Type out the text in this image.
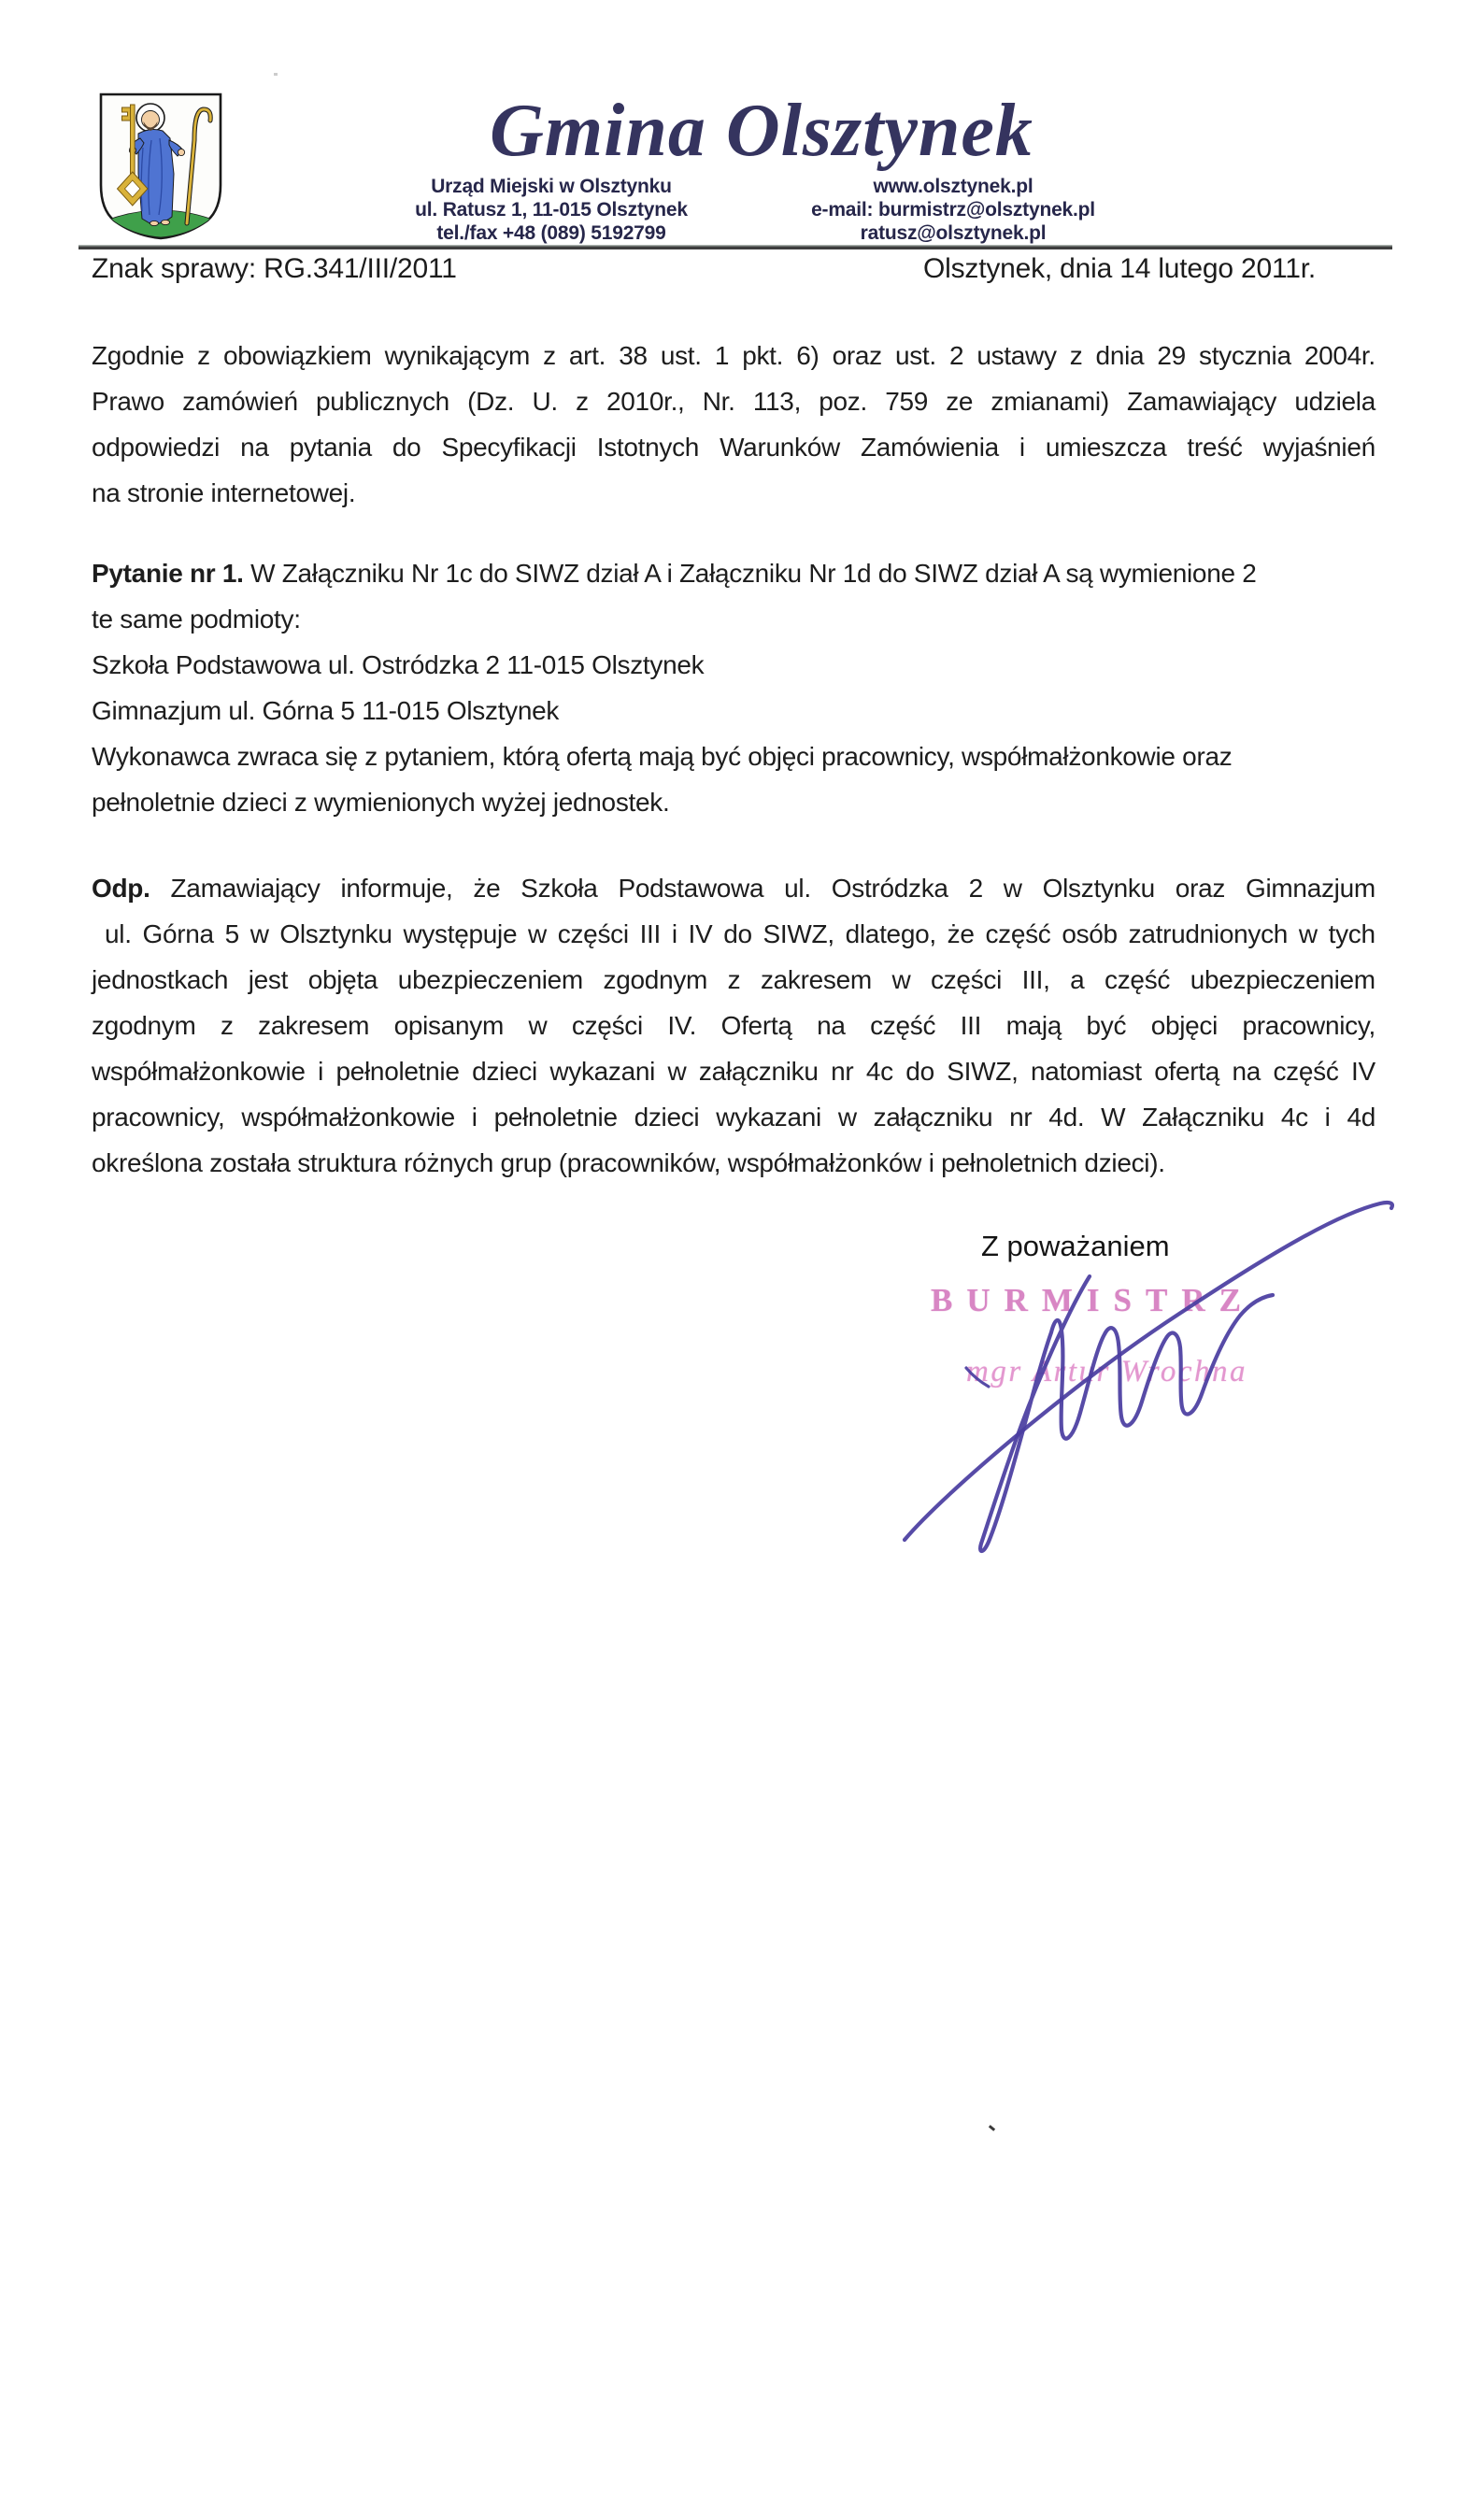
Gmina Olsztynek
Urząd Miejski w Olsztynku
ul. Ratusz 1, 11-015 Olsztynek
tel./fax +48 (089) 5192799
www.olsztynek.pl
e-mail: burmistrz@olsztynek.pl
ratusz@olsztynek.pl
Znak sprawy: RG.341/III/2011	Olsztynek, dnia 14 lutego 2011r.
Zgodnie z obowiązkiem wynikającym z art. 38 ust. 1 pkt. 6) oraz ust. 2 ustawy z dnia 29 stycznia 2004r.
Prawo zamówień publicznych (Dz. U. z 2010r., Nr. 113, poz. 759 ze zmianami) Zamawiający udziela
odpowiedzi na pytania do Specyfikacji Istotnych Warunków Zamówienia i umieszcza treść wyjaśnień
na stronie internetowej.
Pytanie nr 1. W Załączniku Nr 1c do SIWZ dział A i Załączniku Nr 1d do SIWZ dział A są wymienione 2
te same podmioty:
Szkoła Podstawowa ul. Ostródzka 2 11-015 Olsztynek
Gimnazjum ul. Górna 5 11-015 Olsztynek
Wykonawca zwraca się z pytaniem, którą ofertą mają być objęci pracownicy, współmałżonkowie oraz
pełnoletnie dzieci z wymienionych wyżej jednostek.
Odp. Zamawiający informuje, że Szkoła Podstawowa ul. Ostródzka 2 w Olsztynku oraz Gimnazjum
ul. Górna 5 w Olsztynku występuje w części III i IV do SIWZ, dlatego, że część osób zatrudnionych w tych
jednostkach jest objęta ubezpieczeniem zgodnym z zakresem w części III, a część ubezpieczeniem
zgodnym z zakresem opisanym w części IV. Ofertą na część III mają być objęci pracownicy,
współmałżonkowie i pełnoletnie dzieci wykazani w załączniku nr 4c do SIWZ, natomiast ofertą na część IV
pracownicy, współmałżonkowie i pełnoletnie dzieci wykazani w załączniku nr 4d. W Załączniku 4c i 4d
określona została struktura różnych grup (pracowników, współmałżonków i pełnoletnich dzieci).
Z poważaniem
BURMISTRZ
mgr Artur Wrochna
